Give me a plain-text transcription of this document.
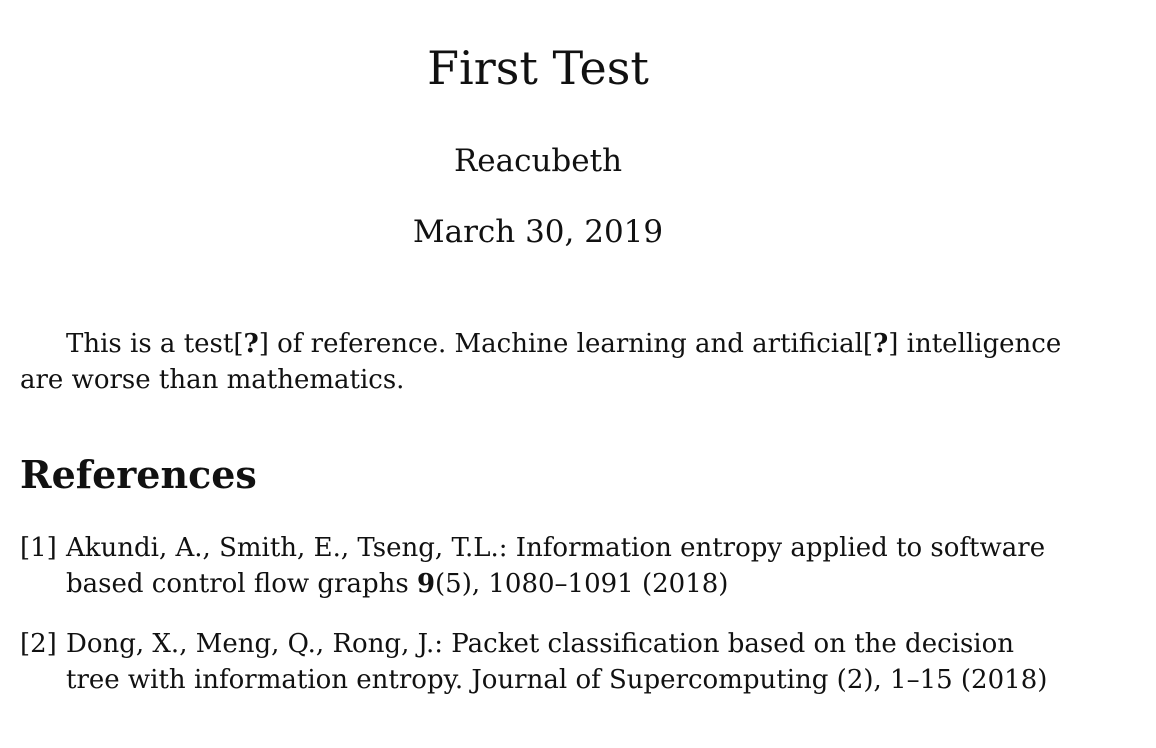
First Test
Reacubeth
March 30, 2019
This is a test[?] of reference. Machine learning and artificial[?] intelligence
are worse than mathematics.
References
[1] Akundi, A., Smith, E., Tseng, T.L.: Information entropy applied to software
based control flow graphs 9(5), 1080–1091 (2018)
[2] Dong, X., Meng, Q., Rong, J.: Packet classification based on the decision
tree with information entropy. Journal of Supercomputing (2), 1–15 (2018)
